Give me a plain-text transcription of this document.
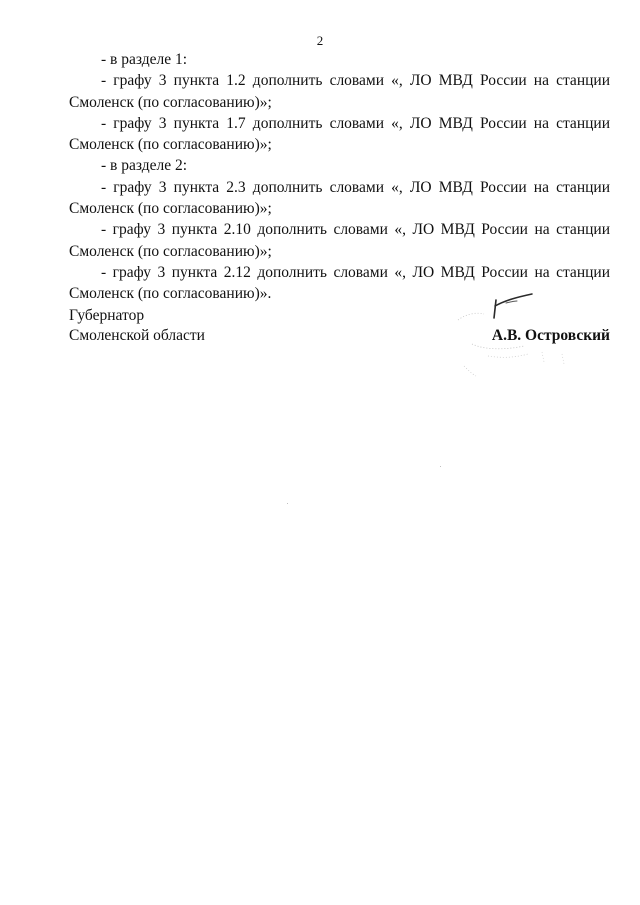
2

- в разделе 1:

- графу 3 пункта 1.2 дополнить словами «, ЛО МВД России на станции Смоленск (по согласованию)»;

- графу 3 пункта 1.7 дополнить словами «, ЛО МВД России на станции Смоленск (по согласованию)»;

- в разделе 2:

- графу 3 пункта 2.3 дополнить словами «, ЛО МВД России на станции Смоленск (по согласованию)»;

- графу 3 пункта 2.10 дополнить словами «, ЛО МВД России на станции Смоленск (по согласованию)»;

- графу 3 пункта 2.12 дополнить словами «, ЛО МВД России на станции Смоленск (по согласованию)».

Губернатор
Смоленской области	А.В. Островский
